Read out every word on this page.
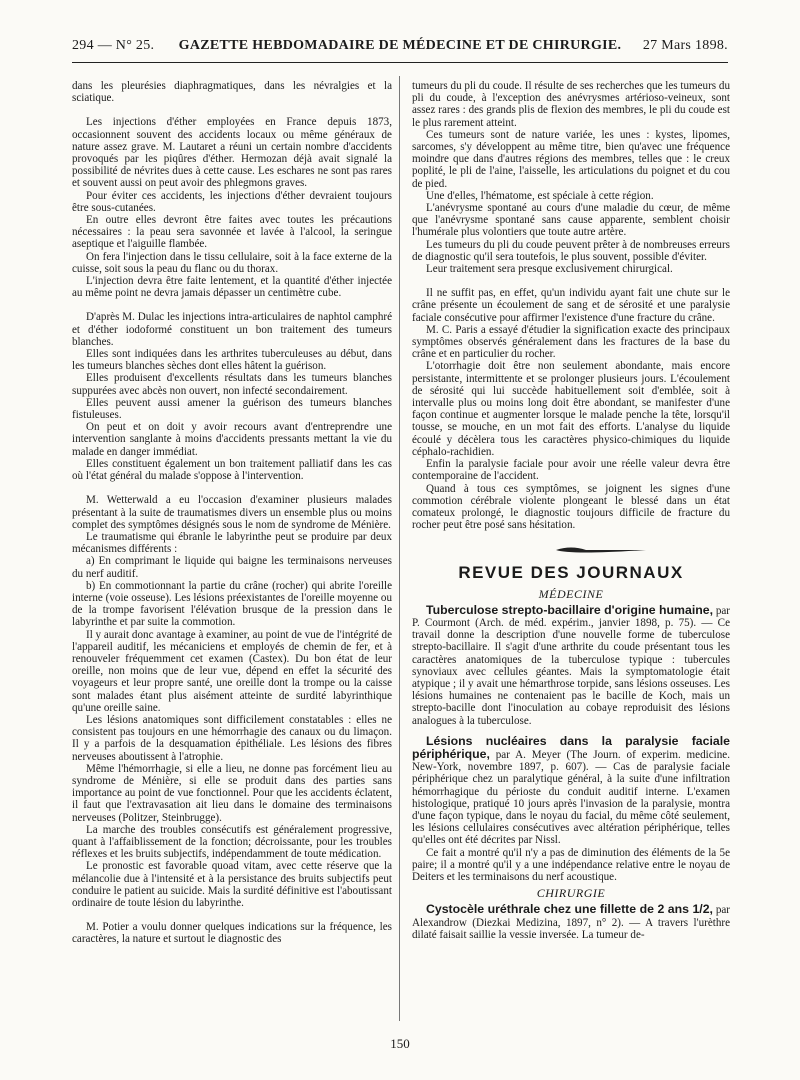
294 — N° 25.	GAZETTE HEBDOMADAIRE DE MÉDECINE ET DE CHIRURGIE.	27 Mars 1898.

dans les pleurésies diaphragmatiques, dans les névralgies et la sciatique.

Les injections d'éther employées en France depuis 1873, occasionnent souvent des accidents locaux ou même généraux de nature assez grave. M. Lautaret a réuni un certain nombre d'accidents provoqués par les piqûres d'éther. Hermozan déjà avait signalé la possibilité de névrites dues à cette cause. Les eschares ne sont pas rares et souvent aussi on peut avoir des phlegmons graves.

Pour éviter ces accidents, les injections d'éther devraient toujours être sous-cutanées.

En outre elles devront être faites avec toutes les précautions nécessaires : la peau sera savonnée et lavée à l'alcool, la seringue aseptique et l'aiguille flambée.

On fera l'injection dans le tissu cellulaire, soit à la face externe de la cuisse, soit sous la peau du flanc ou du thorax.

L'injection devra être faite lentement, et la quantité d'éther injectée au même point ne devra jamais dépasser un centimètre cube.

D'après M. Dulac les injections intra-articulaires de naphtol camphré et d'éther iodoformé constituent un bon traitement des tumeurs blanches.

Elles sont indiquées dans les arthrites tuberculeuses au début, dans les tumeurs blanches sèches dont elles hâtent la guérison.

Elles produisent d'excellents résultats dans les tumeurs blanches suppurées avec abcès non ouvert, non infecté secondairement.

Elles peuvent aussi amener la guérison des tumeurs blanches fistuleuses.

On peut et on doit y avoir recours avant d'entreprendre une intervention sanglante à moins d'accidents pressants mettant la vie du malade en danger immédiat.

Elles constituent également un bon traitement palliatif dans les cas où l'état général du malade s'oppose à l'intervention.

M. Wetterwald a eu l'occasion d'examiner plusieurs malades présentant à la suite de traumatismes divers un ensemble plus ou moins complet des symptômes désignés sous le nom de syndrome de Ménière.

Le traumatisme qui ébranle le labyrinthe peut se produire par deux mécanismes différents :

a) En comprimant le liquide qui baigne les terminaisons nerveuses du nerf auditif.

b) En commotionnant la partie du crâne (rocher) qui abrite l'oreille interne (voie osseuse). Les lésions préexistantes de l'oreille moyenne ou de la trompe favorisent l'élévation brusque de la pression dans le labyrinthe et par suite la commotion.

Il y aurait donc avantage à examiner, au point de vue de l'intégrité de l'appareil auditif, les mécaniciens et employés de chemin de fer, et à renouveler fréquemment cet examen (Castex). Du bon état de leur oreille, non moins que de leur vue, dépend en effet la sécurité des voyageurs et leur propre santé, une oreille dont la trompe ou la caisse sont malades étant plus aisément atteinte de surdité labyrinthique qu'une oreille saine.

Les lésions anatomiques sont difficilement constatables : elles ne consistent pas toujours en une hémorrhagie des canaux ou du limaçon. Il y a parfois de la desquamation épithéliale. Les lésions des fibres nerveuses aboutissent à l'atrophie.

Même l'hémorrhagie, si elle a lieu, ne donne pas forcément lieu au syndrome de Ménière, si elle se produit dans des parties sans importance au point de vue fonctionnel. Pour que les accidents éclatent, il faut que l'extravasation ait lieu dans le domaine des terminaisons nerveuses (Politzer, Steinbrugge).

La marche des troubles consécutifs est généralement progressive, quant à l'affaiblissement de la fonction; décroissante, pour les troubles réflexes et les bruits subjectifs, indépendamment de toute médication.

Le pronostic est favorable quoad vitam, avec cette réserve que la mélancolie due à l'intensité et à la persistance des bruits subjectifs peut conduire le patient au suicide. Mais la surdité définitive est l'aboutissant ordinaire de toute lésion du labyrinthe.

M. Potier a voulu donner quelques indications sur la fréquence, les caractères, la nature et surtout le diagnostic des

tumeurs du pli du coude. Il résulte de ses recherches que les tumeurs du pli du coude, à l'exception des anévrysmes artérioso-veineux, sont assez rares : des grands plis de flexion des membres, le pli du coude est le plus rarement atteint.

Ces tumeurs sont de nature variée, les unes : kystes, lipomes, sarcomes, s'y développent au même titre, bien qu'avec une fréquence moindre que dans d'autres régions des membres, telles que : le creux poplité, le pli de l'aine, l'aisselle, les articulations du poignet et du cou de pied.

Une d'elles, l'hématome, est spéciale à cette région.

L'anévrysme spontané au cours d'une maladie du cœur, de même que l'anévrysme spontané sans cause apparente, semblent choisir l'humérale plus volontiers que toute autre artère.

Les tumeurs du pli du coude peuvent prêter à de nombreuses erreurs de diagnostic qu'il sera toutefois, le plus souvent, possible d'éviter.

Leur traitement sera presque exclusivement chirurgical.

Il ne suffit pas, en effet, qu'un individu ayant fait une chute sur le crâne présente un écoulement de sang et de sérosité et une paralysie faciale consécutive pour affirmer l'existence d'une fracture du crâne.

M. C. Paris a essayé d'étudier la signification exacte des principaux symptômes observés généralement dans les fractures de la base du crâne et en particulier du rocher.

L'otorrhagie doit être non seulement abondante, mais encore persistante, intermittente et se prolonger plusieurs jours. L'écoulement de sérosité qui lui succède habituellement soit d'emblée, soit à intervalle plus ou moins long doit être abondant, se manifester d'une façon continue et augmenter lorsque le malade penche la tête, lorsqu'il tousse, se mouche, en un mot fait des efforts. L'analyse du liquide écoulé y décèlera tous les caractères physico-chimiques du liquide céphalo-rachidien.

Enfin la paralysie faciale pour avoir une réelle valeur devra être contemporaine de l'accident.

Quand à tous ces symptômes, se joignent les signes d'une commotion cérébrale violente plongeant le blessé dans un état comateux prolongé, le diagnostic toujours difficile de fracture du rocher peut être posé sans hésitation.

REVUE DES JOURNAUX
MÉDECINE

Tuberculose strepto-bacillaire d'origine humaine, par P. Courmont (Arch. de méd. expérim., janvier 1898, p. 75). — Ce travail donne la description d'une nouvelle forme de tuberculose strepto-bacillaire. Il s'agit d'une arthrite du coude présentant tous les caractères anatomiques de la tuberculose typique : tubercules synoviaux avec cellules géantes. Mais la symptomatologie était atypique ; il y avait une hémarthrose torpide, sans lésions osseuses. Les lésions humaines ne contenaient pas le bacille de Koch, mais un strepto-bacille dont l'inoculation au cobaye reproduisit des lésions analogues à la tuberculose.

Lésions nucléaires dans la paralysie faciale périphérique, par A. Meyer (The Journ. of experim. medicine. New-York, novembre 1897, p. 607). — Cas de paralysie faciale périphérique chez un paralytique général, à la suite d'une infiltration hémorrhagique du périoste du conduit auditif interne. L'examen histologique, pratiqué 10 jours après l'invasion de la paralysie, montra d'une façon typique, dans le noyau du facial, du même côté seulement, les lésions cellulaires consécutives avec altération périphérique, telles qu'elles ont été décrites par Nissl.

Ce fait a montré qu'il n'y a pas de diminution des éléments de la 5e paire; il a montré qu'il y a une indépendance relative entre le noyau de Deiters et les terminaisons du nerf acoustique.

CHIRURGIE

Cystocèle uréthrale chez une fillette de 2 ans 1/2, par Alexandrow (Diezkai Medizina, 1897, n° 2). — A travers l'urèthre dilaté faisait saillie la vessie inversée. La tumeur de-

150
